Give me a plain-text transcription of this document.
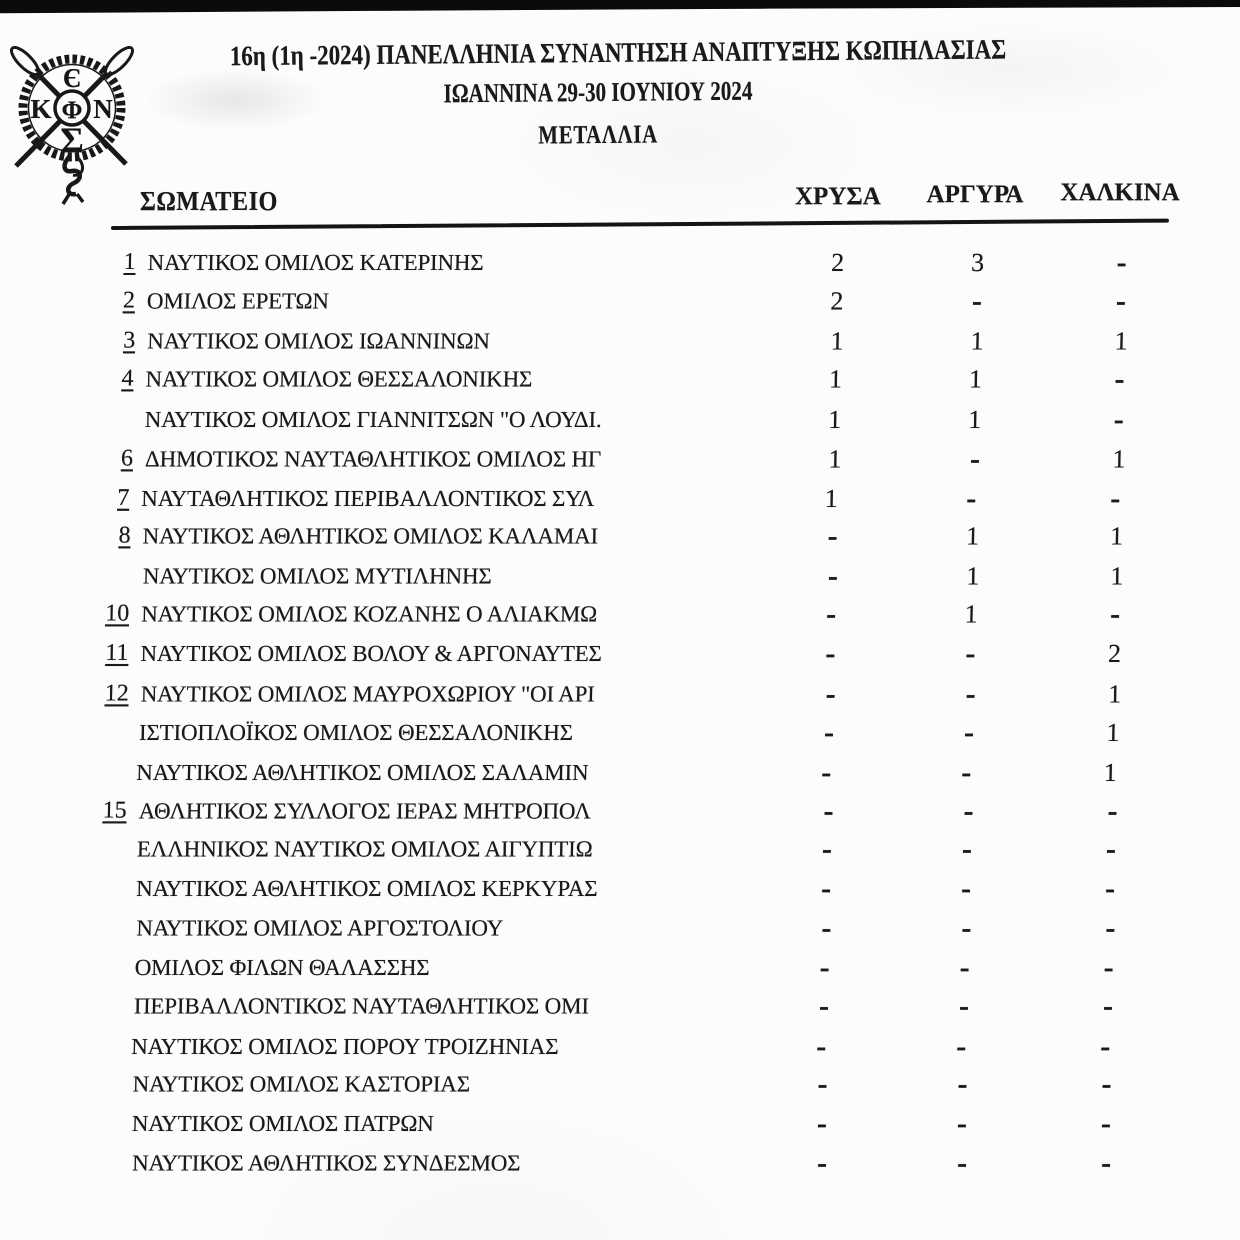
Є
Κ Φ Ν
Σ
16η (1η -2024) ΠΑΝΕΛΛΗΝΙΑ ΣΥΝΑΝΤΗΣΗ ΑΝΑΠΤΥΞΗΣ ΚΩΠΗΛΑΣΙΑΣ
ΙΩΑΝΝΙΝΑ 29-30 ΙΟΥΝΙΟΥ 2024
ΜΕΤΑΛΛΙΑ
ΣΩΜΑΤΕΙΟ	ΧΡΥΣΑ ΑΡΓΥΡΑ ΧΑΛΚΙΝΑ
1 ΝΑΥΤΙΚΟΣ ΟΜΙΛΟΣ ΚΑΤΕΡΙΝΗΣ	2	3	-
2 ΟΜΙΛΟΣ ΕΡΕΤΩΝ	2	-	-
3 ΝΑΥΤΙΚΟΣ ΟΜΙΛΟΣ ΙΩΑΝΝΙΝΩΝ	1	1	1
4 ΝΑΥΤΙΚΟΣ ΟΜΙΛΟΣ ΘΕΣΣΑΛΟΝΙΚΗΣ	1	1	-
ΝΑΥΤΙΚΟΣ ΟΜΙΛΟΣ ΓΙΑΝΝΙΤΣΩΝ "Ο ΛΟΥΔΙ.	1	1	-
6 ΔΗΜΟΤΙΚΟΣ ΝΑΥΤΑΘΛΗΤΙΚΟΣ ΟΜΙΛΟΣ ΗΓ	1	-	1
7 ΝΑΥΤΑΘΛΗΤΙΚΟΣ ΠΕΡΙΒΑΛΛΟΝΤΙΚΟΣ ΣΥΛ	1	-	-
8 ΝΑΥΤΙΚΟΣ ΑΘΛΗΤΙΚΟΣ ΟΜΙΛΟΣ ΚΑΛΑΜΑΙ	-	1	1
ΝΑΥΤΙΚΟΣ ΟΜΙΛΟΣ ΜΥΤΙΛΗΝΗΣ	-	1	1
10 ΝΑΥΤΙΚΟΣ ΟΜΙΛΟΣ ΚΟΖΑΝΗΣ Ο ΑΛΙΑΚΜΩ	-	1	-
11 ΝΑΥΤΙΚΟΣ ΟΜΙΛΟΣ ΒΟΛΟΥ & ΑΡΓΟΝΑΥΤΕΣ	-	-	2
12 ΝΑΥΤΙΚΟΣ ΟΜΙΛΟΣ ΜΑΥΡΟΧΩΡΙΟΥ "ΟΙ ΑΡΙ	-	-	1
ΙΣΤΙΟΠΛΟΪΚΟΣ ΟΜΙΛΟΣ ΘΕΣΣΑΛΟΝΙΚΗΣ	-	-	1
ΝΑΥΤΙΚΟΣ ΑΘΛΗΤΙΚΟΣ ΟΜΙΛΟΣ ΣΑΛΑΜΙΝ	-	-	1
15 ΑΘΛΗΤΙΚΟΣ ΣΥΛΛΟΓΟΣ ΙΕΡΑΣ ΜΗΤΡΟΠΟΛ	-	-	-
ΕΛΛΗΝΙΚΟΣ ΝΑΥΤΙΚΟΣ ΟΜΙΛΟΣ ΑΙΓΥΠΤΙΩ	-	-	-
ΝΑΥΤΙΚΟΣ ΑΘΛΗΤΙΚΟΣ ΟΜΙΛΟΣ ΚΕΡΚΥΡΑΣ	-	-	-
ΝΑΥΤΙΚΟΣ ΟΜΙΛΟΣ ΑΡΓΟΣΤΟΛΙΟΥ	-	-	-
ΟΜΙΛΟΣ ΦΙΛΩΝ ΘΑΛΑΣΣΗΣ	-	-	-
ΠΕΡΙΒΑΛΛΟΝΤΙΚΟΣ ΝΑΥΤΑΘΛΗΤΙΚΟΣ ΟΜΙ	-	-	-
ΝΑΥΤΙΚΟΣ ΟΜΙΛΟΣ ΠΟΡΟΥ ΤΡΟΙΖΗΝΙΑΣ	-	-	-
ΝΑΥΤΙΚΟΣ ΟΜΙΛΟΣ ΚΑΣΤΟΡΙΑΣ	-	-	-
ΝΑΥΤΙΚΟΣ ΟΜΙΛΟΣ ΠΑΤΡΩΝ	-	-	-
ΝΑΥΤΙΚΟΣ ΑΘΛΗΤΙΚΟΣ ΣΥΝΔΕΣΜΟΣ	-	-	-
